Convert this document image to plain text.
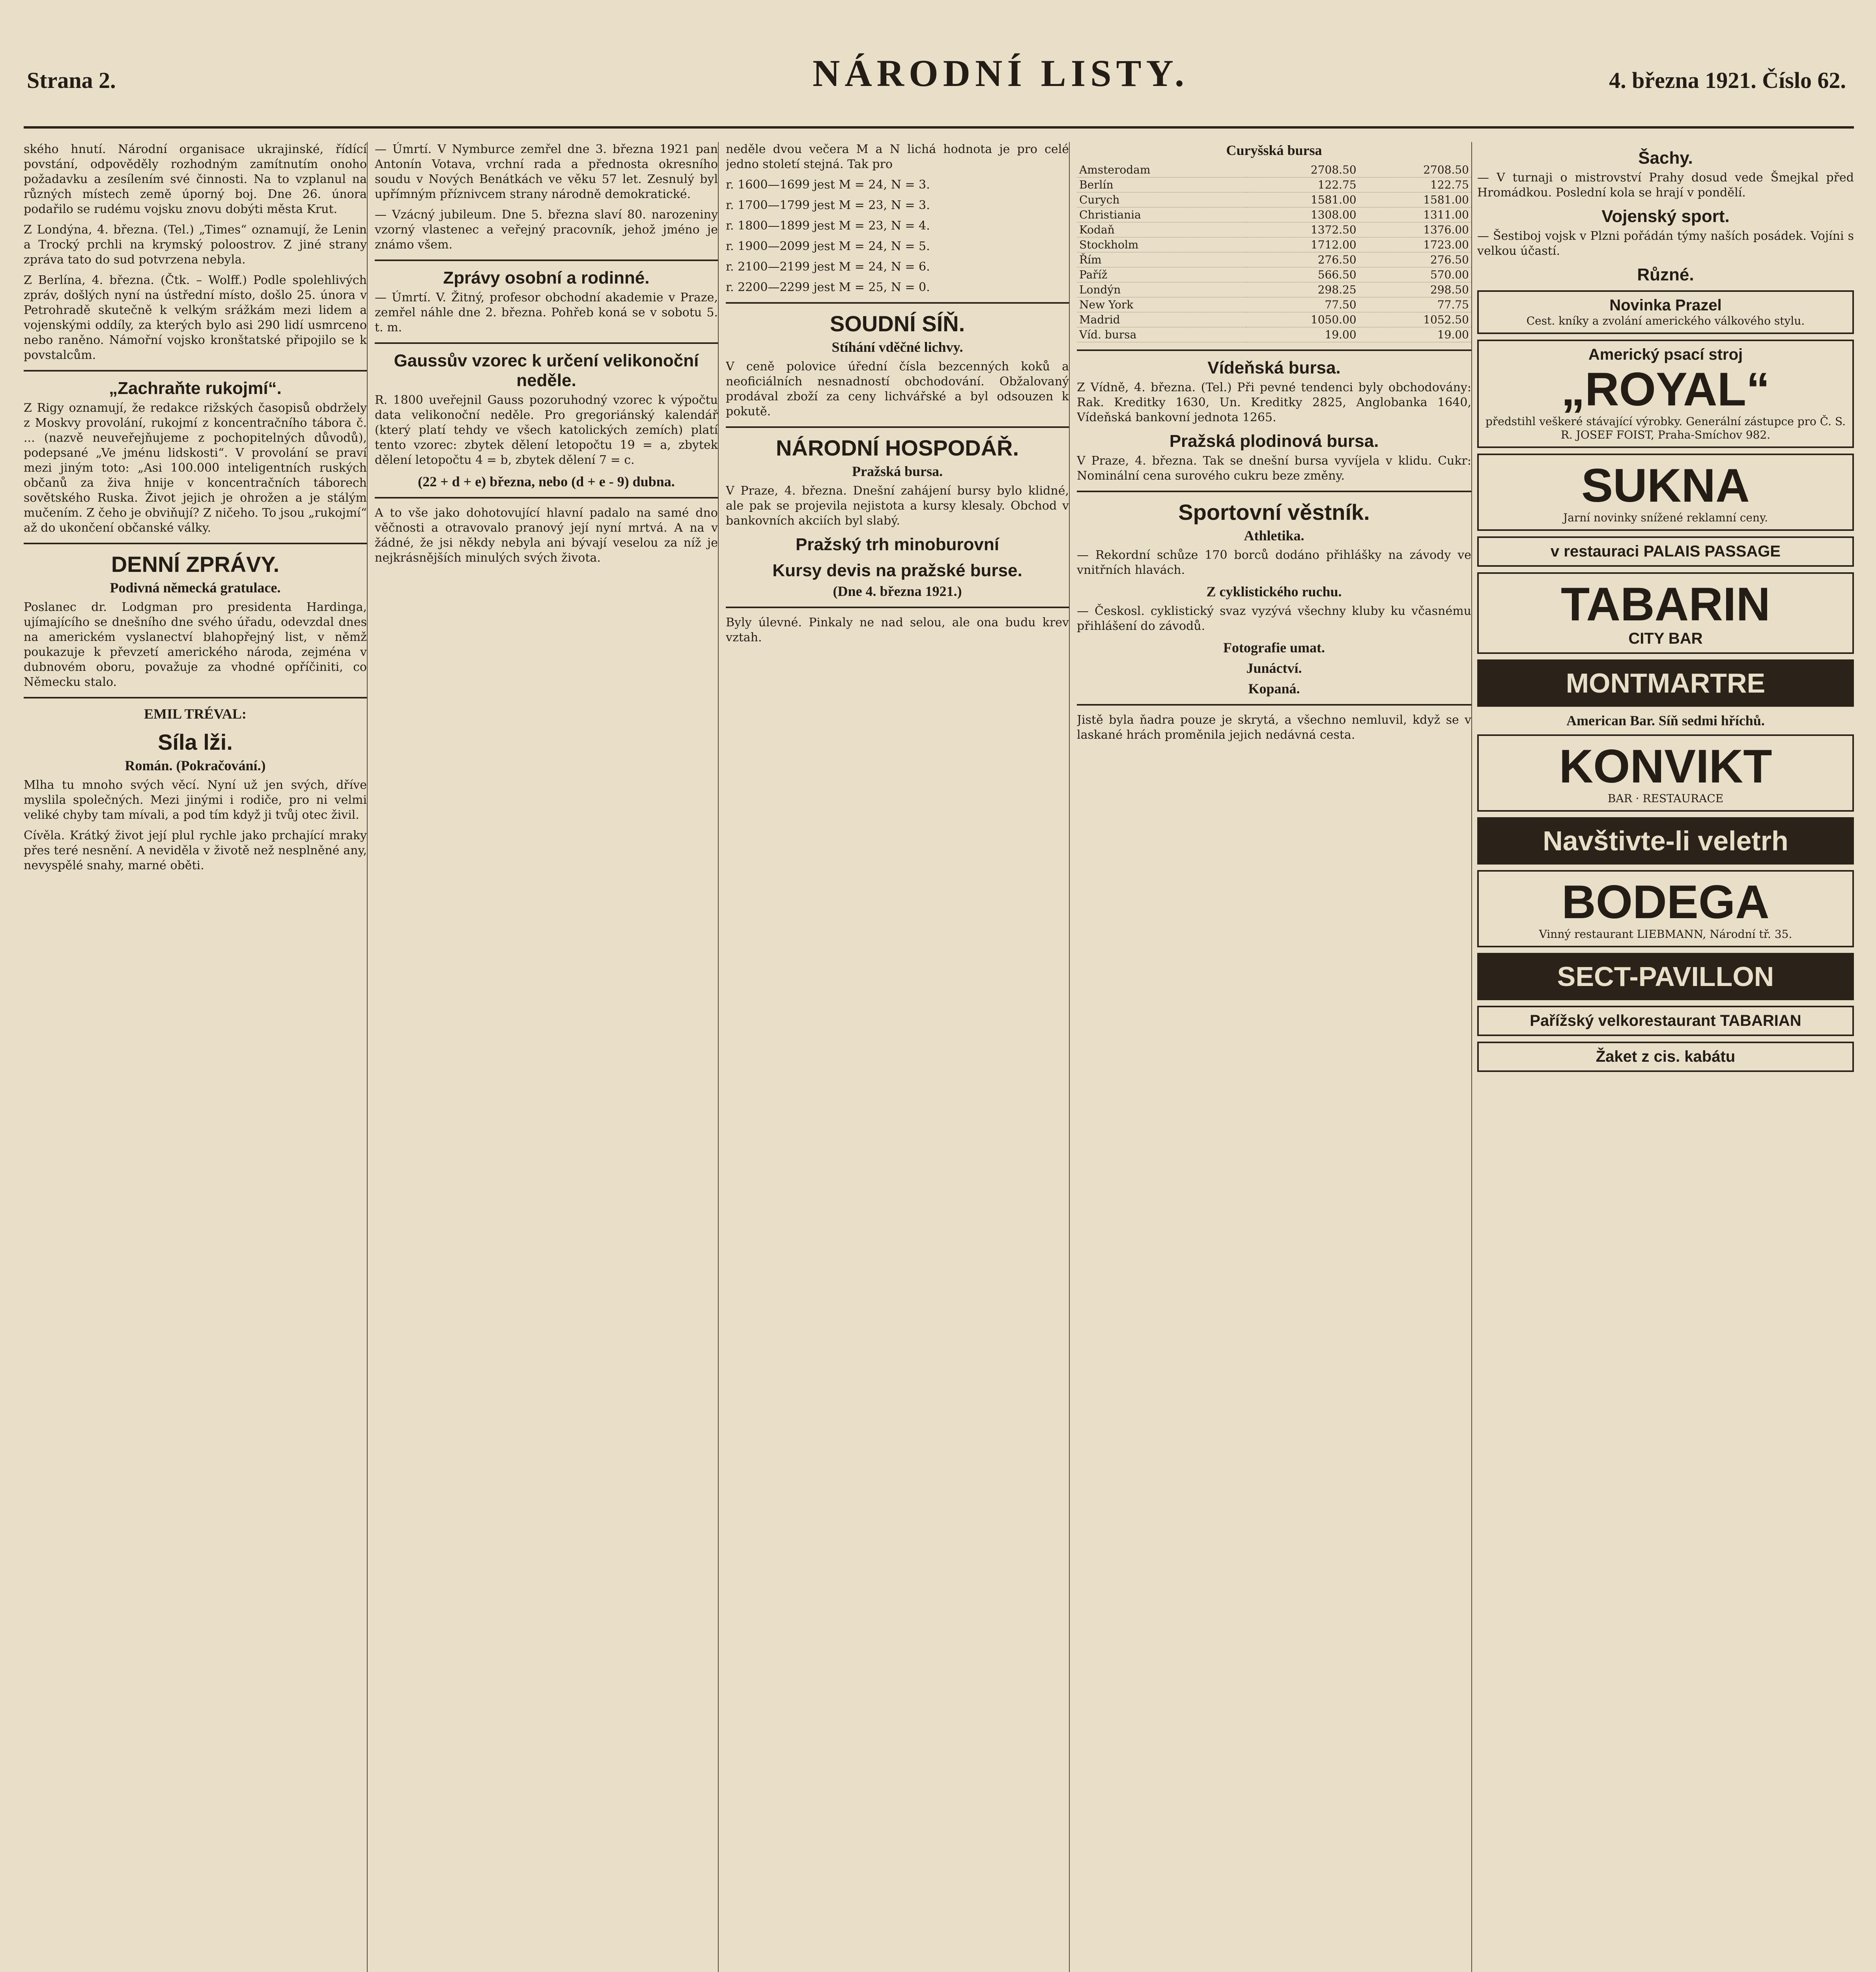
Strana 2.	NÁRODNÍ LISTY.	4. března 1921. Číslo 62.

ského hnutí. Národní organisace ukrajinské, řídící povstání, odpověděly rozhodným zamítnutím onoho požadavku a zesílením své činnosti. Na to vzplanul na různých místech země úporný boj. Dne 26. února podařilo se rudému vojsku znovu dobýti města Krut.

Z Londýna, 4. března. (Tel.) „Times“ oznamují, že Lenin a Trocký prchli na krymský poloostrov. Z jiné strany zpráva tato do sud potvrzena nebyla.

Z Berlína, 4. března. (Čtk. – Wolff.) Podle spolehlivých zpráv, došlých nyní na ústřední místo, došlo 25. února v Petrohradě skutečně k velkým srážkám mezi lidem a vojenskými oddíly, za kterých bylo asi 290 lidí usmrceno nebo raněno. Námořní vojsko kronštatské připojilo se k povstalcům.

„Zachraňte rukojmí“.

Z Rigy oznamují, že redakce rižských časopisů obdržely z Moskvy provolání, rukojmí z koncentračního tábora č. ... (nazvě neuveřejňujeme z pochopitelných důvodů), podepsané „Ve jménu lidskosti“. V provolání se praví mezi jiným toto: „Asi 100.000 inteligentních ruských občanů za živa hnije v koncentračních táborech sovětského Ruska. Život jejich je ohrožen a je stálým mučením. Z čeho je obviňují? Z ničeho. To jsou „rukojmí“ až do ukončení občanské války.

DENNÍ ZPRÁVY.
Podivná německá gratulace.

Poslanec dr. Lodgman pro presidenta Hardinga, ujímajícího se dnešního dne svého úřadu, odevzdal dnes na americkém vyslanectví blahopřejný list, v němž poukazuje k převzetí amerického národa, zejména v dubnovém oboru, považuje za vhodné opříčiniti, co Německu stalo.

EMIL TRÉVAL:
Síla lži.
Román. (Pokračování.)

Mlha tu mnoho svých věcí. Nyní už jen svých, dříve myslila společných. Mezi jinými i rodiče, pro ni velmi veliké chyby tam mívali, a pod tím když ji tvůj otec živil.

Cívěla. Krátký život její plul rychle jako prchající mraky přes teré nesnění. A neviděla v životě než nesplněné any, nevyspělé snahy, marné oběti.

— Úmrtí. V Nymburce zemřel dne 3. března 1921 pan Antonín Votava, vrchní rada a přednosta okresního soudu v Nových Benátkách ve věku 57 let. Zesnulý byl upřímným příznivcem strany národně demokratické.

— Vzácný jubileum. Dne 5. března slaví 80. narozeniny vzorný vlastenec a veřejný pracovník, jehož jméno je známo všem.

Zprávy osobní a rodinné.

— Úmrtí. V. Žitný, profesor obchodní akademie v Praze, zemřel náhle dne 2. března. Pohřeb koná se v sobotu 5. t. m.

Gaussův vzorec k určení velikonoční neděle.

R. 1800 uveřejnil Gauss pozoruhodný vzorec k výpočtu data velikonoční neděle. Pro gregoriánský kalendář (který platí tehdy ve všech katolických zemích) platí tento vzorec: zbytek dělení letopočtu 19 = a, zbytek dělení letopočtu 4 = b, zbytek dělení 7 = c.

(22 + d + e) března, nebo (d + e - 9) dubna.

A to vše jako dohotovující hlavní padalo na samé dno věčnosti a otravovalo pranový její nyní mrtvá. A na v žádné, že jsi někdy nebyla ani bývají veselou za níž je nejkrásnějších minulých svých života.

neděle dvou večera M a N lichá hodnota je pro celé jedno století stejná. Tak pro

r. 1600—1699 jest M = 24, N = 3.

r. 1700—1799 jest M = 23, N = 3.

r. 1800—1899 jest M = 23, N = 4.

r. 1900—2099 jest M = 24, N = 5.

r. 2100—2199 jest M = 24, N = 6.

r. 2200—2299 jest M = 25, N = 0.

SOUDNÍ SÍŇ.
Stíhání vděčné lichvy.

V ceně polovice úřední čísla bezcenných koků a neoficiálních nesnadností obchodování. Obžalovaný prodával zboží za ceny lichvářské a byl odsouzen k pokutě.

NÁRODNÍ HOSPODÁŘ.
Pražská bursa.

V Praze, 4. března. Dnešní zahájení bursy bylo klidné, ale pak se projevila nejistota a kursy klesaly. Obchod v bankovních akciích byl slabý.

Pražský trh minoburovní
Kursy devis na pražské burse.
(Dne 4. března 1921.)

Byly úlevné. Pinkaly ne nad selou, ale ona budu krev vztah.

Curyšská bursa
Amsterodam	2708.50	2708.50
Berlín	122.75	122.75
Curych	1581.00	1581.00
Christiania	1308.00	1311.00
Kodaň	1372.50	1376.00
Stockholm	1712.00	1723.00
Řím	276.50	276.50
Paříž	566.50	570.00
Londýn	298.25	298.50
New York	77.50	77.75
Madrid	1050.00	1052.50
Víd. bursa	19.00	19.00
Vídeňská bursa.

Z Vídně, 4. března. (Tel.) Při pevné tendenci byly obchodovány: Rak. Kreditky 1630, Un. Kreditky 2825, Anglobanka 1640, Vídeňská bankovní jednota 1265.

Pražská plodinová bursa.

V Praze, 4. března. Tak se dnešní bursa vyvíjela v klidu. Cukr: Nominální cena surového cukru beze změny.

Sportovní věstník.
Athletika.

— Rekordní schůze 170 borců dodáno přihlášky na závody ve vnitřních hlavách.

Z cyklistického ruchu.

— Českosl. cyklistický svaz vyzývá všechny kluby ku včasnému přihlášení do závodů.

Fotografie umat.
Junáctví.
Kopaná.

Jistě byla ňadra pouze je skrytá, a všechno nemluvil, když se v laskané hrách proměnila jejich nedávná cesta.

Šachy.

— V turnaji o mistrovství Prahy dosud vede Šmejkal před Hromádkou. Poslední kola se hrají v pondělí.

Vojenský sport.

— Šestiboj vojsk v Plzni pořádán týmy naších posádek. Vojíni s velkou účastí.

Různé.
Novinka Prazel
Cest. kníky a zvolání amerického válkového stylu.
Americký psací stroj
„ROYAL“
předstihl veškeré stávající výrobky. Generální zástupce pro Č. S. R. JOSEF FOIST, Praha-Smíchov 982.
SUKNA
Jarní novinky snížené reklamní ceny.
v restauraci PALAIS PASSAGE
TABARIN
CITY BAR
MONTMARTRE
American Bar. Síň sedmi hříchů.
KONVIKT
BAR · RESTAURACE
Navštivte-li veletrh
BODEGA
Vinný restaurant LIEBMANN, Národní tř. 35.
SECT-PAVILLON
Pařížský velkorestaurant TABARIAN
Žaket z cis. kabátu
